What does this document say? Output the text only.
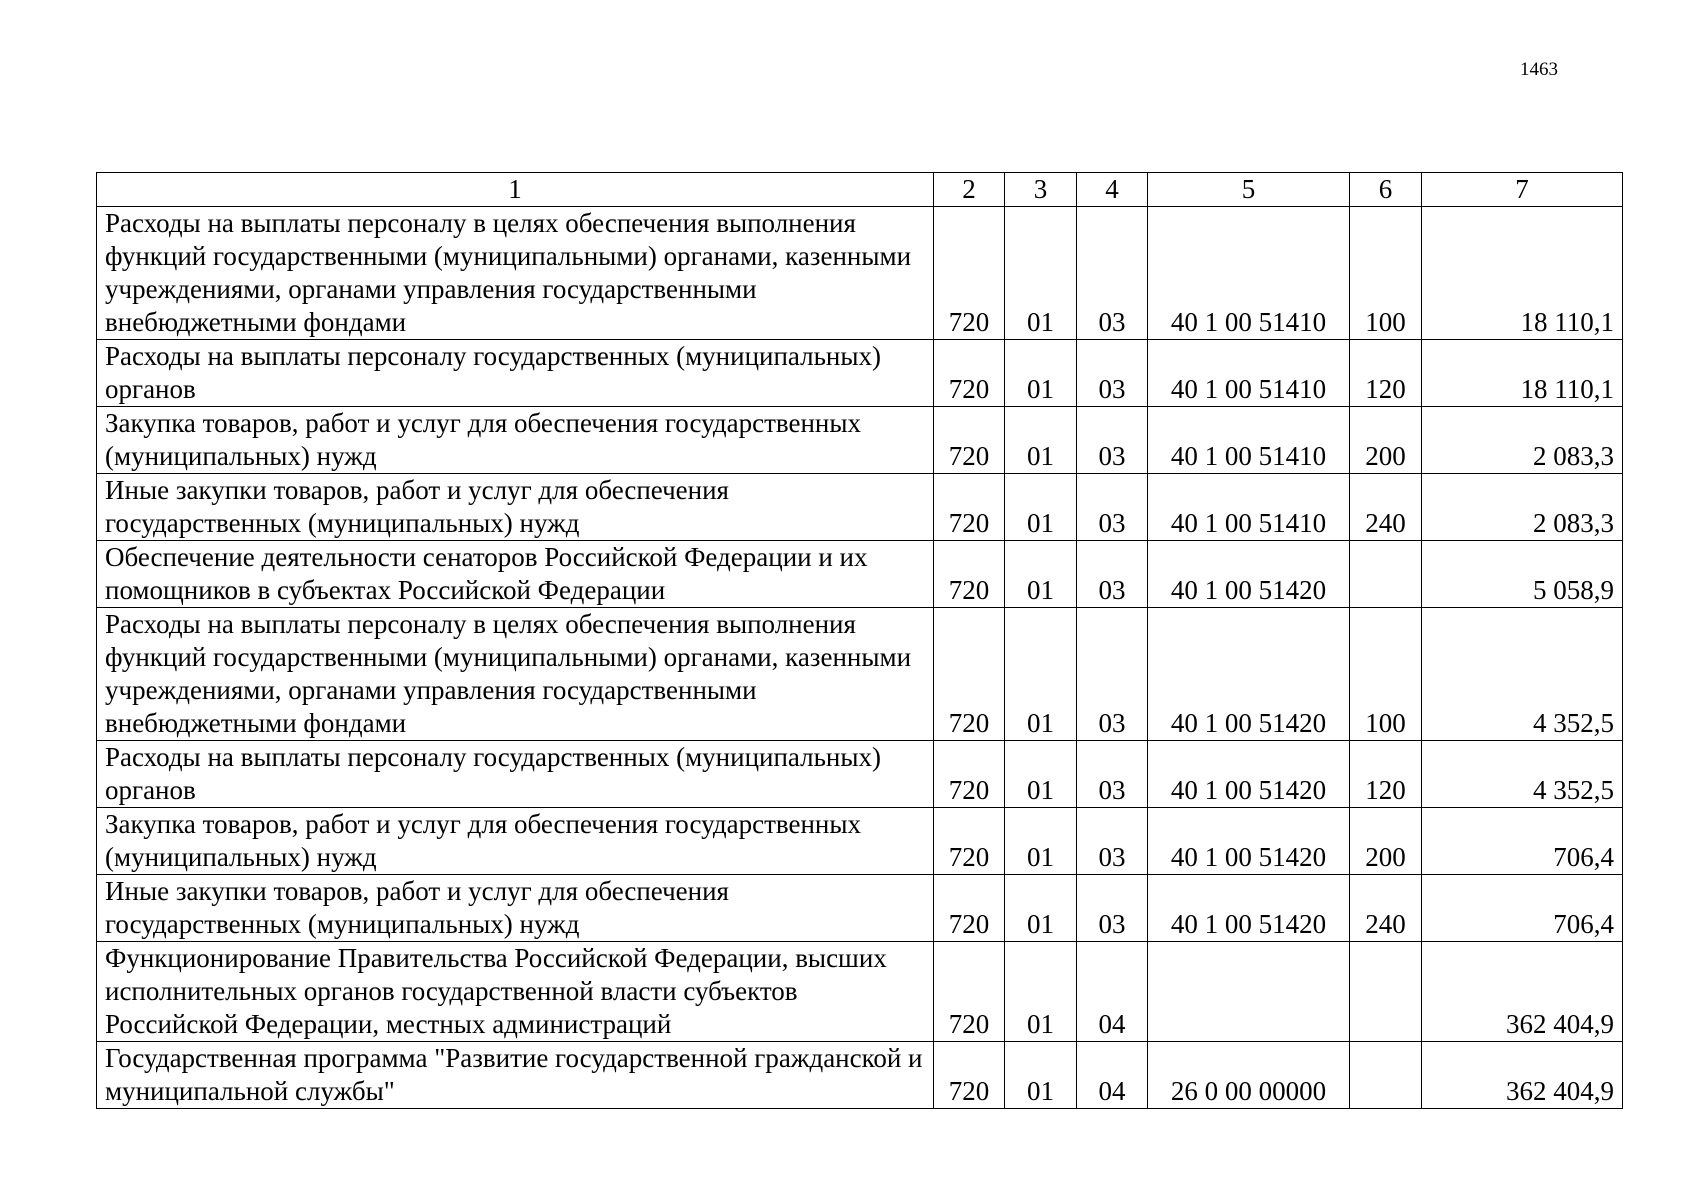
1463
1	2	3	4	5	6	7
Расходы на выплаты персоналу в целях обеспечения выполнения функций государственными (муниципальными) органами, казенными учреждениями, органами управления государственными внебюджетными фондами	720	01	03	40 1 00 51410	100	18 110,1
Расходы на выплаты персоналу государственных (муниципальных) органов	720	01	03	40 1 00 51410	120	18 110,1
Закупка товаров, работ и услуг для обеспечения государственных (муниципальных) нужд	720	01	03	40 1 00 51410	200	2 083,3
Иные закупки товаров, работ и услуг для обеспечения государственных (муниципальных) нужд	720	01	03	40 1 00 51410	240	2 083,3
Обеспечение деятельности сенаторов Российской Федерации и их помощников в субъектах Российской Федерации	720	01	03	40 1 00 51420		5 058,9
Расходы на выплаты персоналу в целях обеспечения выполнения функций государственными (муниципальными) органами, казенными учреждениями, органами управления государственными внебюджетными фондами	720	01	03	40 1 00 51420	100	4 352,5
Расходы на выплаты персоналу государственных (муниципальных) органов	720	01	03	40 1 00 51420	120	4 352,5
Закупка товаров, работ и услуг для обеспечения государственных (муниципальных) нужд	720	01	03	40 1 00 51420	200	706,4
Иные закупки товаров, работ и услуг для обеспечения государственных (муниципальных) нужд	720	01	03	40 1 00 51420	240	706,4
Функционирование Правительства Российской Федерации, высших исполнительных органов государственной власти субъектов Российской Федерации, местных администраций	720	01	04			362 404,9
Государственная программа "Развитие государственной гражданской и муниципальной службы"	720	01	04	26 0 00 00000		362 404,9
